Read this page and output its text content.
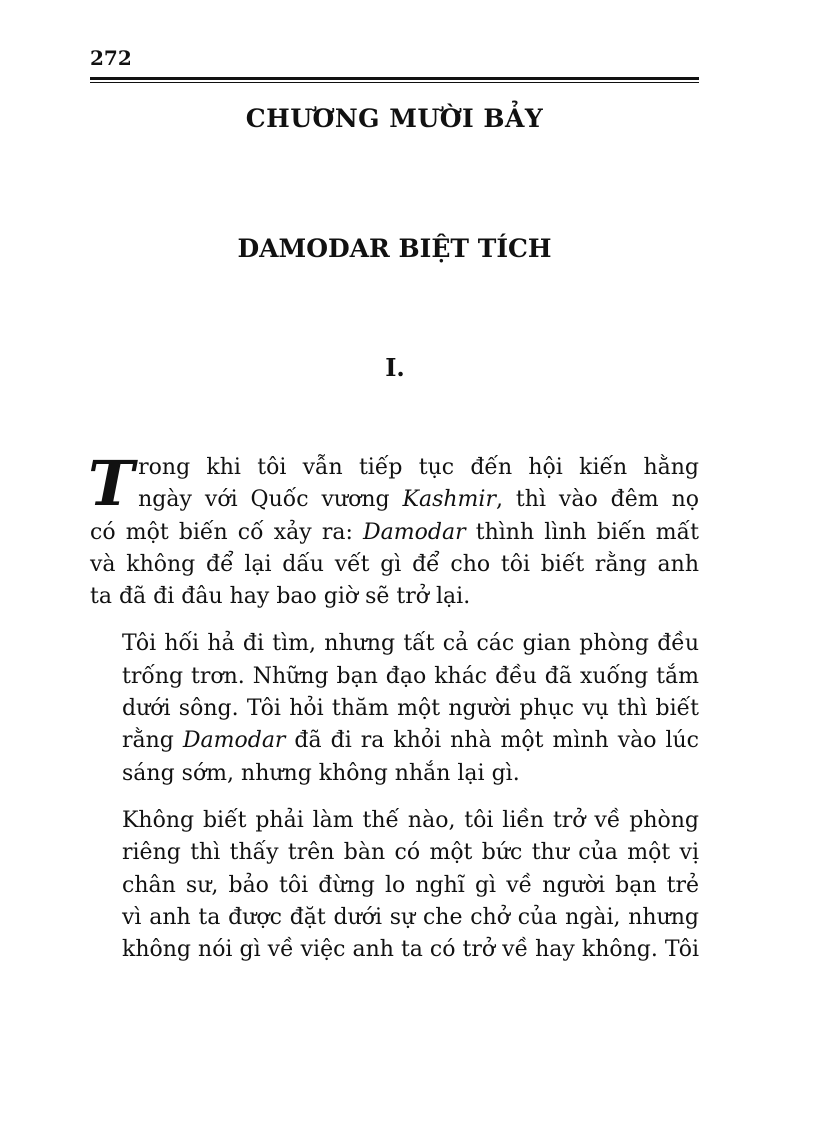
272
CHƯƠNG MƯỜI BẢY
DAMODAR BIỆT TÍCH
I.
T rong khi tôi vẫn tiếp tục đến hội kiến hằng
ngày với Quốc vương Kashmir, thì vào đêm nọ
có một biến cố xảy ra: Damodar thình lình biến mất
và không để lại dấu vết gì để cho tôi biết rằng anh
ta đã đi đâu hay bao giờ sẽ trở lại.
Tôi hối hả đi tìm, nhưng tất cả các gian phòng đều
trống trơn. Những bạn đạo khác đều đã xuống tắm
dưới sông. Tôi hỏi thăm một người phục vụ thì biết
rằng Damodar đã đi ra khỏi nhà một mình vào lúc
sáng sớm, nhưng không nhắn lại gì.
Không biết phải làm thế nào, tôi liền trở về phòng
riêng thì thấy trên bàn có một bức thư của một vị
chân sư, bảo tôi đừng lo nghĩ gì về người bạn trẻ
vì anh ta được đặt dưới sự che chở của ngài, nhưng
không nói gì về việc anh ta có trở về hay không. Tôi
